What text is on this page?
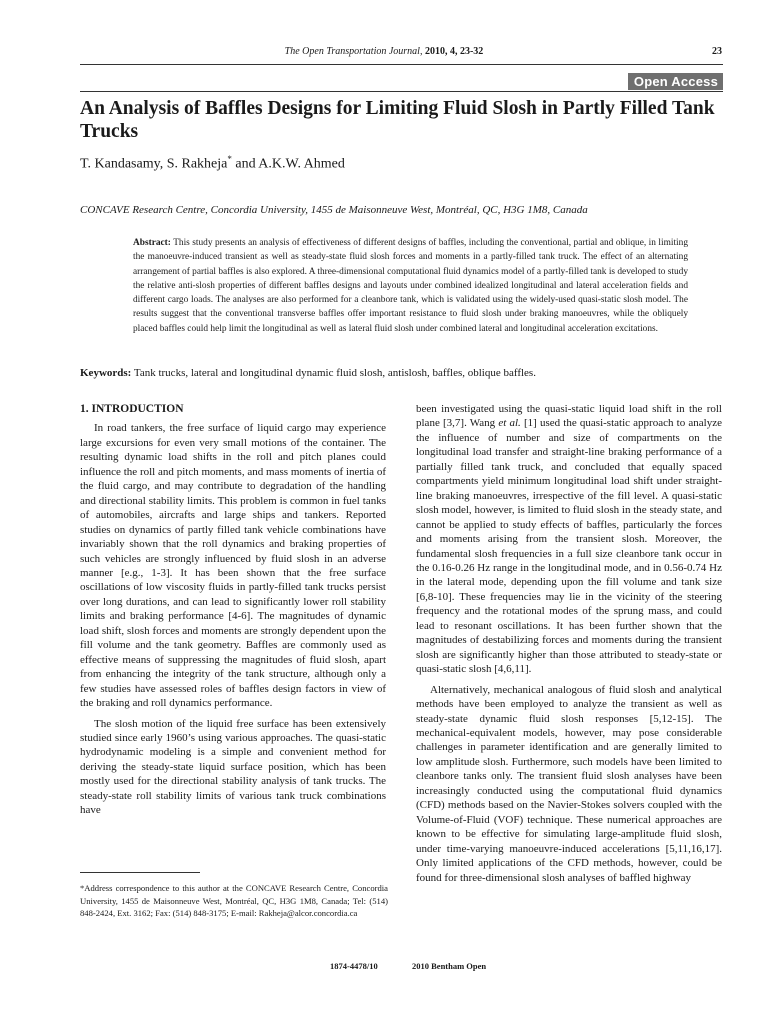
The Open Transportation Journal, 2010, 4, 23-32	23
Open Access
An Analysis of Baffles Designs for Limiting Fluid Slosh in Partly Filled Tank Trucks
T. Kandasamy, S. Rakheja* and A.K.W. Ahmed
CONCAVE Research Centre, Concordia University, 1455 de Maisonneuve West, Montréal, QC, H3G 1M8, Canada
Abstract: This study presents an analysis of effectiveness of different designs of baffles, including the conventional, partial and oblique, in limiting the manoeuvre-induced transient as well as steady-state fluid slosh forces and moments in a partly-filled tank truck. The effect of an alternating arrangement of partial baffles is also explored. A three-dimensional computational fluid dynamics model of a partly-filled tank is developed to study the relative anti-slosh properties of different baffles designs and layouts under combined idealized longitudinal and lateral acceleration fields and different cargo loads. The analyses are also performed for a cleanbore tank, which is validated using the widely-used quasi-static slosh model. The results suggest that the conventional transverse baffles offer important resistance to fluid slosh under braking manoeuvres, while the obliquely placed baffles could help limit the longitudinal as well as lateral fluid slosh under combined lateral and longitudinal acceleration excitations.
Keywords: Tank trucks, lateral and longitudinal dynamic fluid slosh, antislosh, baffles, oblique baffles.
1. INTRODUCTION

In road tankers, the free surface of liquid cargo may experience large excursions for even very small motions of the container. The resulting dynamic load shifts in the roll and pitch planes could influence the roll and pitch moments, and mass moments of inertia of the fluid cargo, and may contribute to degradation of the handling and directional stability limits. This problem is common in fuel tanks of automobiles, aircrafts and large ships and tankers. Reported studies on dynamics of partly filled tank vehicle combinations have invariably shown that the roll dynamics and braking properties of such vehicles are strongly influenced by fluid slosh in an adverse manner [e.g., 1-3]. It has been shown that the free surface oscillations of low viscosity fluids in partly-filled tank trucks persist over long durations, and can lead to significantly lower roll stability limits and braking performance [4-6]. The magnitudes of dynamic load shift, slosh forces and moments are strongly dependent upon the fill volume and the tank geometry. Baffles are commonly used as effective means of suppressing the magnitudes of fluid slosh, apart from enhancing the integrity of the tank structure, although only a few studies have assessed roles of baffles design factors in view of the braking and roll dynamics performance.

The slosh motion of the liquid free surface has been extensively studied since early 1960’s using various approaches. The quasi-static hydrodynamic modeling is a simple and convenient method for deriving the steady-state liquid surface position, which has been mostly used for the directional stability analysis of tank trucks. The steady-state roll stability limits of various tank truck combinations have

been investigated using the quasi-static liquid load shift in the roll plane [3,7]. Wang et al. [1] used the quasi-static approach to analyze the influence of number and size of compartments on the longitudinal load transfer and straight-line braking performance of a partially filled tank truck, and concluded that equally spaced compartments yield minimum longitudinal load shift under straight-line braking manoeuvres, irrespective of the fill level. A quasi-static slosh model, however, is limited to fluid slosh in the steady state, and cannot be applied to study effects of baffles, particularly the forces and moments arising from the transient slosh. Moreover, the fundamental slosh frequencies in a full size cleanbore tank occur in the 0.16-0.26 Hz range in the longitudinal mode, and in 0.56-0.74 Hz in the lateral mode, depending upon the fill volume and tank size [6,8-10]. These frequencies may lie in the vicinity of the steering frequency and the rotational modes of the sprung mass, and could lead to resonant oscillations. It has been further shown that the magnitudes of destabilizing forces and moments during the transient slosh are significantly higher than those attributed to steady-state or quasi-static slosh [4,6,11].

Alternatively, mechanical analogous of fluid slosh and analytical methods have been employed to analyze the transient as well as steady-state dynamic fluid slosh responses [5,12-15]. The mechanical-equivalent models, however, may pose considerable challenges in parameter identification and are generally limited to low amplitude slosh. Furthermore, such models have been limited to cleanbore tanks only. The transient fluid slosh analyses have been increasingly conducted using the computational fluid dynamics (CFD) methods based on the Navier-Stokes solvers coupled with the Volume-of-Fluid (VOF) technique. These numerical approaches are known to be effective for simulating large-amplitude fluid slosh, under time-varying manoeuvre-induced accelerations [5,11,16,17]. Only limited applications of the CFD methods, however, could be found for three-dimensional slosh analyses of baffled highway

*Address correspondence to this author at the CONCAVE Research Centre, Concordia University, 1455 de Maisonneuve West, Montréal, QC, H3G 1M8, Canada; Tel: (514) 848-2424, Ext. 3162; Fax: (514) 848-3175; E-mail: Rakheja@alcor.concordia.ca
1874-4478/10	2010 Bentham Open
